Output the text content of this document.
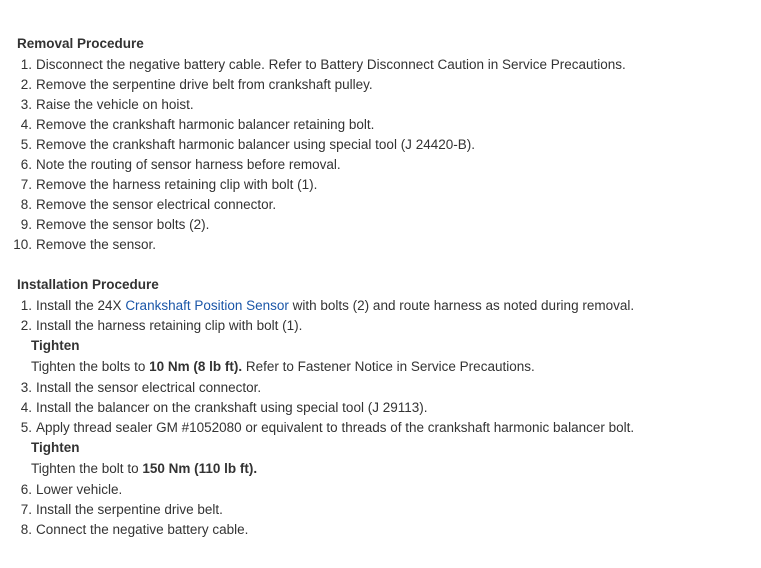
Removal Procedure
1. Disconnect the negative battery cable. Refer to Battery Disconnect Caution in Service Precautions.
2. Remove the serpentine drive belt from crankshaft pulley.
3. Raise the vehicle on hoist.
4. Remove the crankshaft harmonic balancer retaining bolt.
5. Remove the crankshaft harmonic balancer using special tool (J 24420-B).
6. Note the routing of sensor harness before removal.
7. Remove the harness retaining clip with bolt (1).
8. Remove the sensor electrical connector.
9. Remove the sensor bolts (2).
10. Remove the sensor.
Installation Procedure
1. Install the 24X Crankshaft Position Sensor with bolts (2) and route harness as noted during removal.
2. Install the harness retaining clip with bolt (1).
Tighten
Tighten the bolts to 10 Nm (8 lb ft). Refer to Fastener Notice in Service Precautions.
3. Install the sensor electrical connector.
4. Install the balancer on the crankshaft using special tool (J 29113).
5. Apply thread sealer GM #1052080 or equivalent to threads of the crankshaft harmonic balancer bolt.
Tighten
Tighten the bolt to 150 Nm (110 lb ft).
6. Lower vehicle.
7. Install the serpentine drive belt.
8. Connect the negative battery cable.
